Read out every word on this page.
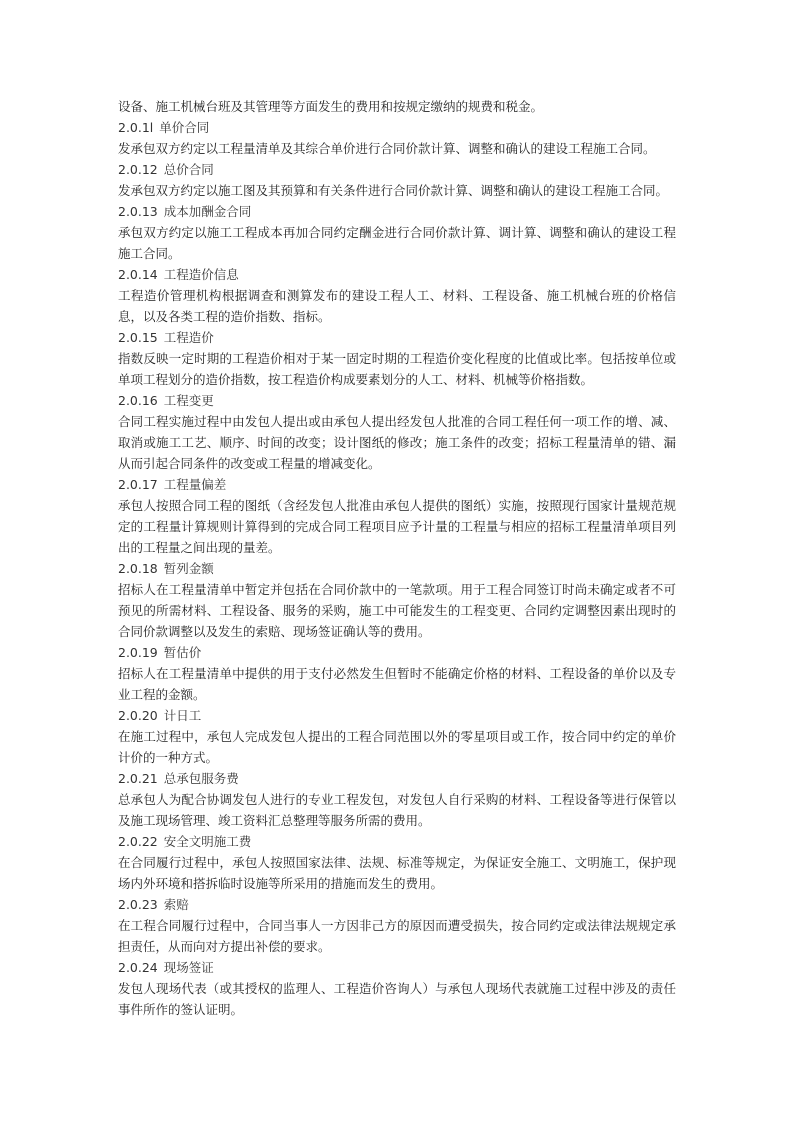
设备、施工机械台班及其管理等方面发生的费用和按规定缴纳的规费和税金。

2.0.1l 单价合同

发承包双方约定以工程量清单及其综合单价进行合同价款计算、调整和确认的建设工程施工合同。

2.0.12 总价合同

发承包双方约定以施工图及其预算和有关条件进行合同价款计算、调整和确认的建设工程施工合同。

2.0.13 成本加酬金合同

承包双方约定以施工工程成本再加合同约定酬金进行合同价款计算、调计算、调整和确认的建设工程施工合同。

2.0.14 工程造价信息

工程造价管理机构根据调查和测算发布的建设工程人工、材料、工程设备、施工机械台班的价格信息，以及各类工程的造价指数、指标。

2.0.15 工程造价

指数反映一定时期的工程造价相对于某一固定时期的工程造价变化程度的比值或比率。包括按单位或单项工程划分的造价指数，按工程造价构成要素划分的人工、材料、机械等价格指数。

2.0.16 工程变更

合同工程实施过程中由发包人提出或由承包人提出经发包人批准的合同工程任何一项工作的增、减、取消或施工工艺、顺序、时间的改变；设计图纸的修改；施工条件的改变；招标工程量清单的错、漏从而引起合同条件的改变或工程量的增减变化。

2.0.17 工程量偏差

承包人按照合同工程的图纸（含经发包人批准由承包人提供的图纸）实施，按照现行国家计量规范规定的工程量计算规则计算得到的完成合同工程项目应予计量的工程量与相应的招标工程量清单项目列出的工程量之间出现的量差。

2.0.18 暂列金额

招标人在工程量清单中暂定并包括在合同价款中的一笔款项。用于工程合同签订时尚未确定或者不可预见的所需材料、工程设备、服务的采购，施工中可能发生的工程变更、合同约定调整因素出现时的合同价款调整以及发生的索赔、现场签证确认等的费用。

2.0.19 暂估价

招标人在工程量清单中提供的用于支付必然发生但暂时不能确定价格的材料、工程设备的单价以及专业工程的金额。

2.0.20 计日工

在施工过程中，承包人完成发包人提出的工程合同范围以外的零星项目或工作，按合同中约定的单价计价的一种方式。

2.0.21 总承包服务费

总承包人为配合协调发包人进行的专业工程发包，对发包人自行采购的材料、工程设备等进行保管以及施工现场管理、竣工资料汇总整理等服务所需的费用。

2.0.22 安全文明施工费

在合同履行过程中，承包人按照国家法律、法规、标准等规定，为保证安全施工、文明施工，保护现场内外环境和搭拆临时设施等所采用的措施而发生的费用。

2.0.23 索赔

在工程合同履行过程中，合同当事人一方因非己方的原因而遭受损失，按合同约定或法律法规规定承担责任，从而向对方提出补偿的要求。

2.0.24 现场签证

发包人现场代表（或其授权的监理人、工程造价咨询人）与承包人现场代表就施工过程中涉及的责任事件所作的签认证明。
